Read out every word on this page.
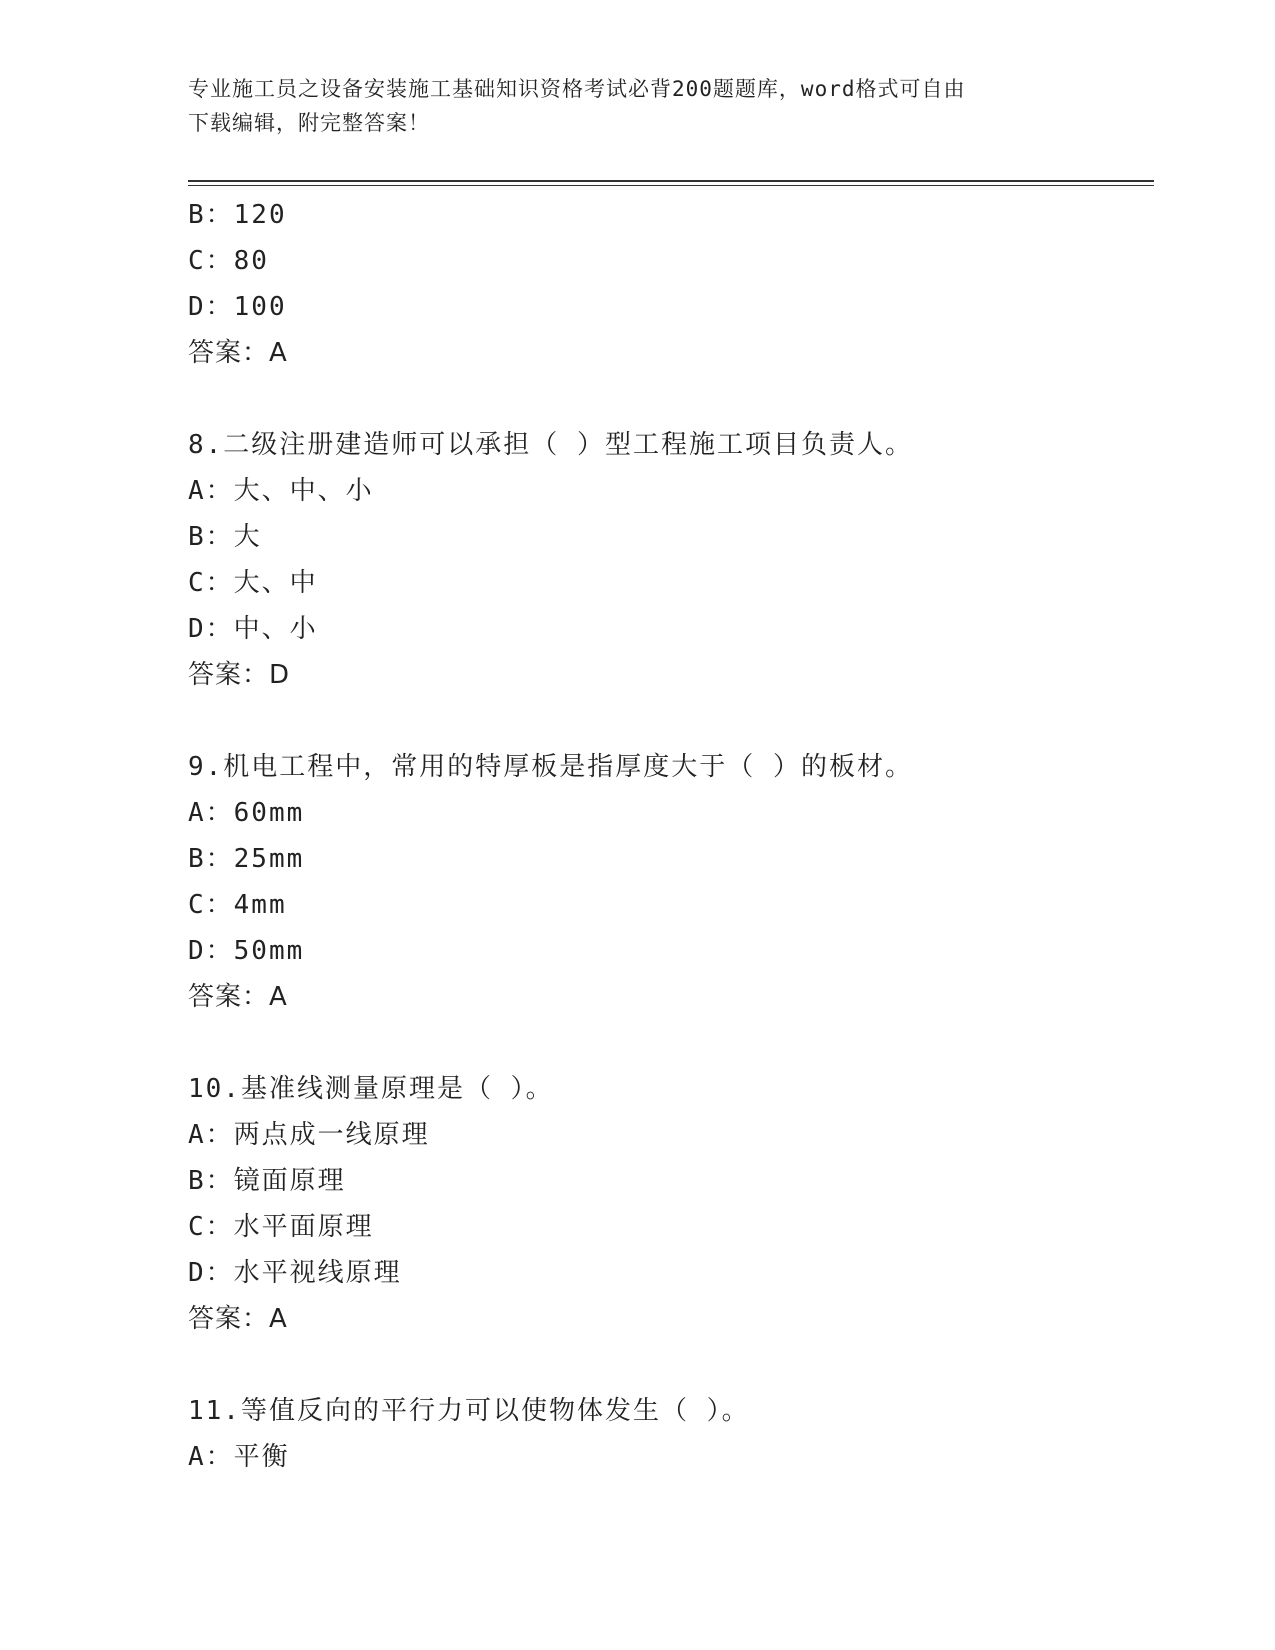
专业施工员之设备安装施工基础知识资格考试必背200题题库，word格式可自由
下载编辑，附完整答案！
B：120
C：80
D：100
答案：A
8.二级注册建造师可以承担（ ）型工程施工项目负责人。
A：大、中、小
B：大
C：大、中
D：中、小
答案：D
9.机电工程中，常用的特厚板是指厚度大于（ ）的板材。
A：60mm
B：25mm
C：4mm
D：50mm
答案：A
10.基准线测量原理是（ ）。
A：两点成一线原理
B：镜面原理
C：水平面原理
D：水平视线原理
答案：A
11.等值反向的平行力可以使物体发生（ ）。
A：平衡
